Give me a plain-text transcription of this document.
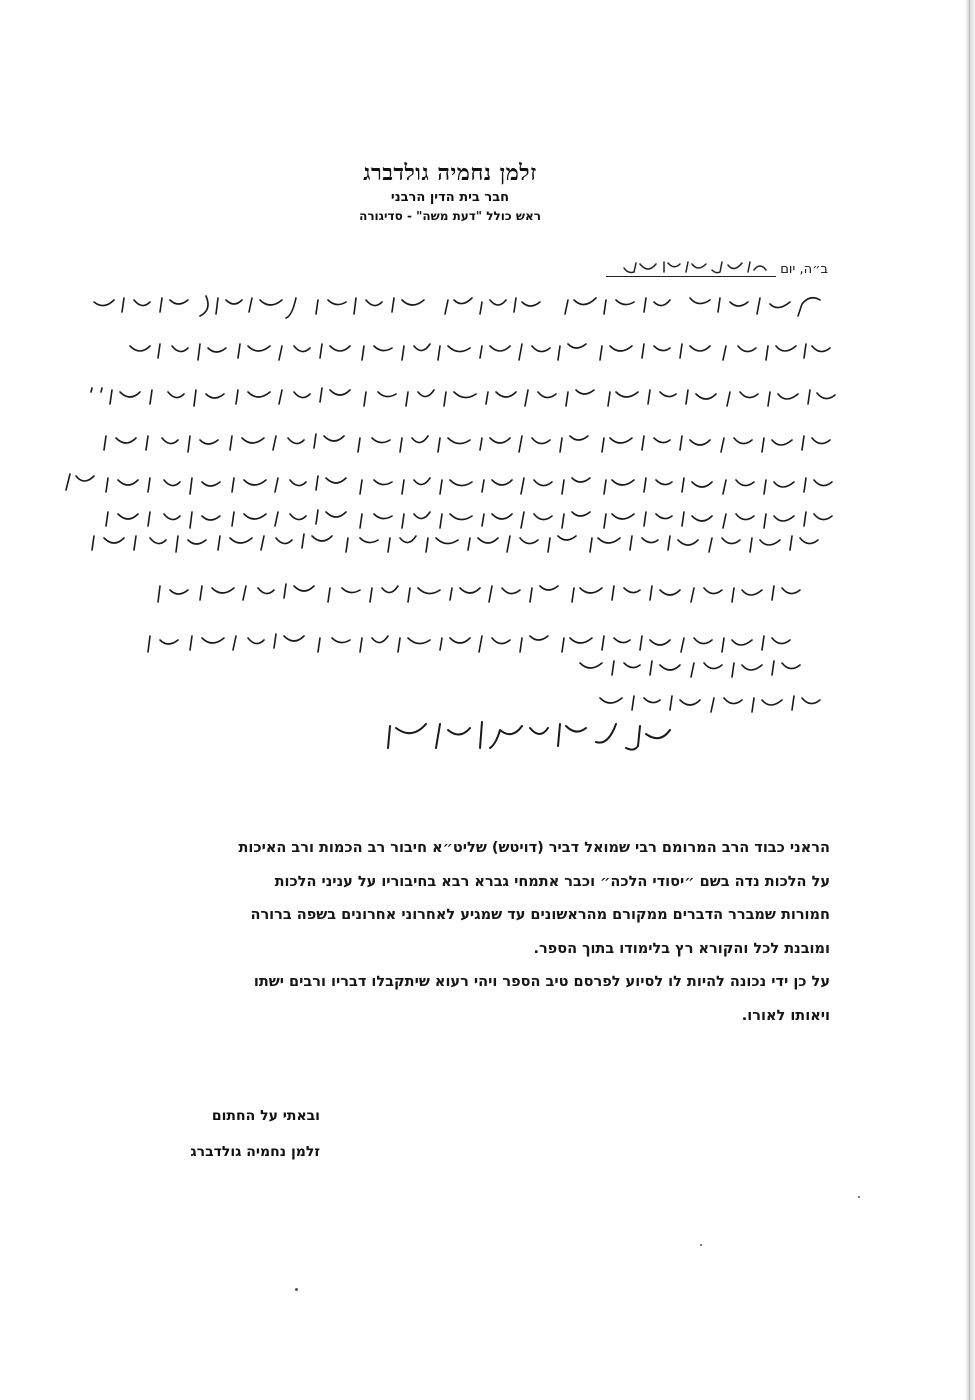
זלמן נחמיה גולדברג
חבר בית הדין הרבני
ראש כולל "דעת משה" - סדיגורה
ב״ה, יום

הראני כבוד הרב המרומם רבי שמואל דביר (דויטש) שליט״א חיבור רב הכמות ורב האיכות

על הלכות נדה בשם ״יסודי הלכה״ וכבר אתמחי גברא רבא בחיבוריו על עניני הלכות

חמורות שמברר הדברים ממקורם מהראשונים עד שמגיע לאחרוני אחרונים בשפה ברורה

ומובנת לכל והקורא רץ בלימודו בתוך הספר.

על כן ידי נכונה להיות לו לסיוע לפרסם טיב הספר ויהי רעוא שיתקבלו דבריו ורבים ישתו

ויאותו לאורו.

ובאתי על החתום
זלמן נחמיה גולדברג
